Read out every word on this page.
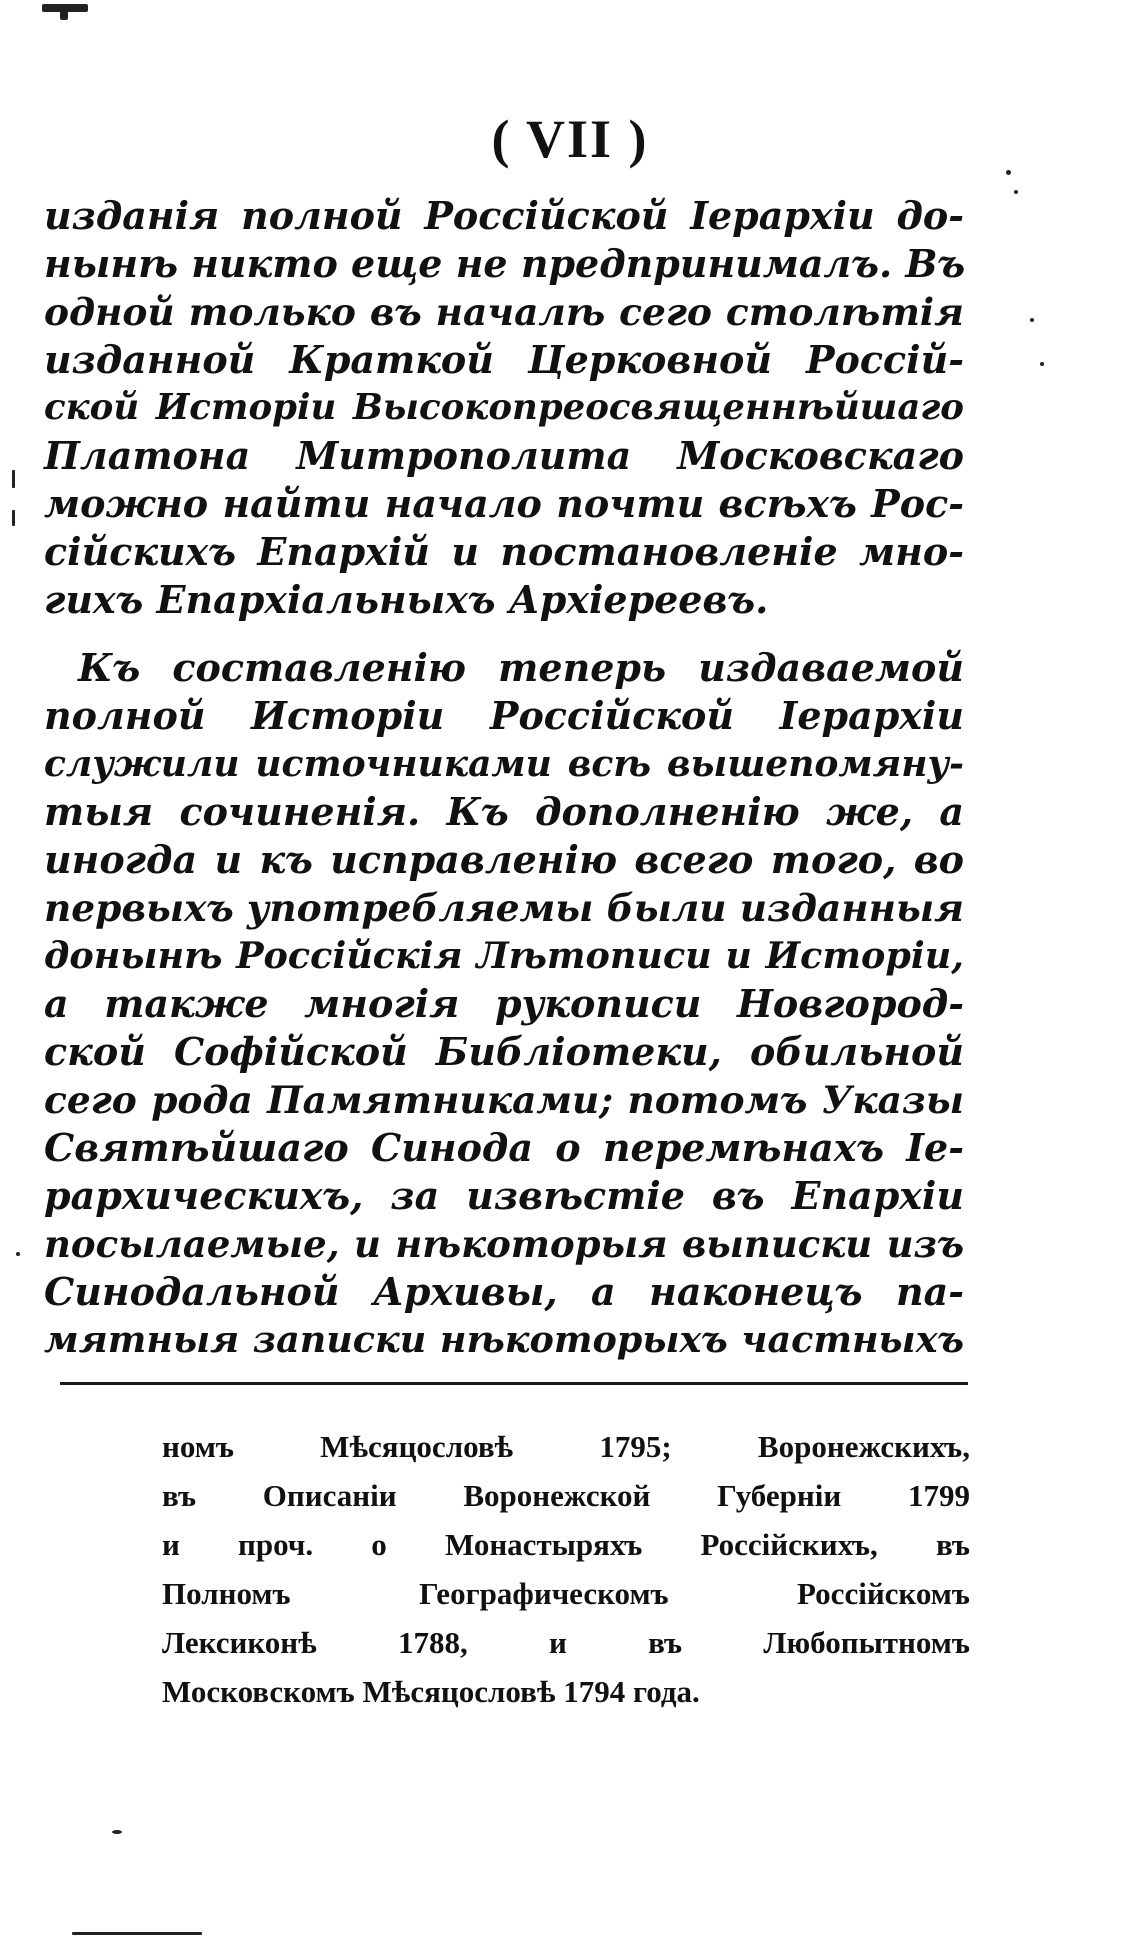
( VII )
изданія полной Россійской Іерархіи до-
нынѣ никто еще не предпринималъ. Въ
одной только въ началѣ сего столѣтія
изданной Краткой Церковной Россій-
ской Исторіи Высокопреосвященнѣйшаго
Платона Митрополита Московскаго
можно найти начало почти всѣхъ Рос-
сійскихъ Епархій и постановленіе мно-
гихъ Епархіальныхъ Архіереевъ.
Къ составленію теперь издаваемой
полной Исторіи Россійской Іерархіи
служили источниками всѣ вышепомяну-
тыя сочиненія. Къ дополненію же, а
иногда и къ исправленію всего того, во
первыхъ употребляемы были изданныя
донынѣ Россійскія Лѣтописи и Исторіи,
а также многія рукописи Новгород-
ской Софійской Библіотеки, обильной
сего рода Памятниками; потомъ Указы
Святѣйшаго Синода о перемѣнахъ Іе-
рархическихъ, за извѣстіе въ Епархіи
посылаемые, и нѣкоторыя выписки изъ
Синодальной Архивы, а наконецъ па-
мятныя записки нѣкоторыхъ частныхъ
номъ Мѣсяцословѣ 1795; Воронежскихъ,
въ Описаніи Воронежской Губерніи 1799
и проч. о Монастыряхъ Россійскихъ, въ
Полномъ Географическомъ Россійскомъ
Лексиконѣ 1788, и въ Любопытномъ
Московскомъ Мѣсяцословѣ 1794 года.
